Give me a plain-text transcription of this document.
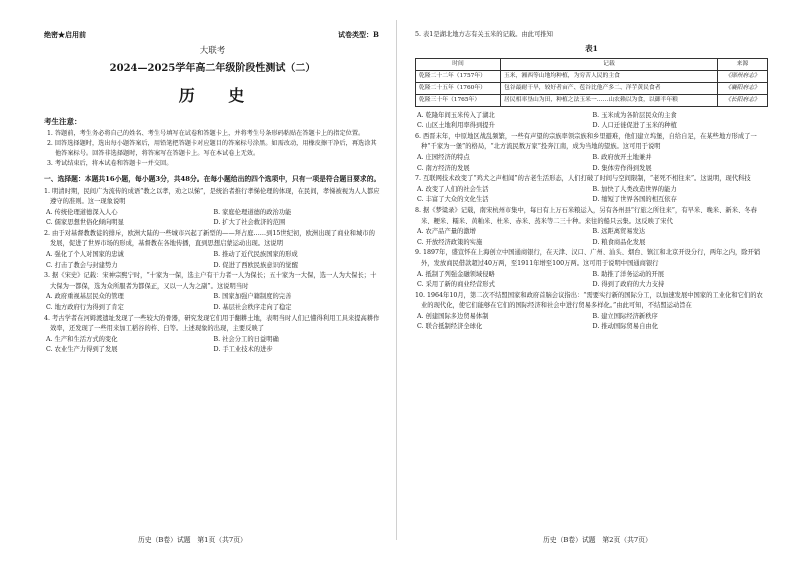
绝密★启用前	试卷类型：B
大联考
2024—2025学年高二年级阶段性测试（二）
历 史
考生注意：
1. 答题前，考生务必将自己的姓名、考生号填写在试卷和答题卡上，并将考生号条形码粘贴在答题卡上的指定位置。
2. 回答选择题时，选出每小题答案后，用铅笔把答题卡对应题目的答案标号涂黑。如需改动，用橡皮擦干净后，再选涂其他答案标号。回答非选择题时，将答案写在答题卡上。写在本试卷上无效。
3. 考试结束后，将本试卷和答题卡一并交回。
一、选择题：本题共16小题，每小题3分，共48分。在每小题给出的四个选项中，只有一项是符合题目要求的。
1. 明清时期，民间广为流传的成语“教之以孝，劝之以悌”，是统治者推行孝悌伦理的体现，在民间，孝悌被视为人人都应遵守的准则。这一现象说明
A. 传统伦理道德深入人心	B. 家庭伦理道德的政治功能
C. 儒家思想世俗化倾向明显	D. 扩大了社会救济的范围
2. 由于对基督教教徒的排斥，欧洲大陆的一些城市兴起了新型的——拜占庭……到15世纪初，欧洲出现了商业和城市的发展，促进了世界市场的形成，基督教在各地传播，直到思想启蒙运动出现。这说明
A. 强化了个人对国家的忠诚	B. 推动了近代民族国家的形成
C. 打击了教会与封建势力	D. 促进了西欧民族意识的觉醒
3. 据《宋史》记载：宋神宗熙宁时，“十家为一保，选主户有干力者一人为保长；五十家为一大保，选一人为大保长；十大保为一都保，选为众所服者为都保正，又以一人为之副”。这说明当时
A. 政府重视基层民众的管理	B. 国家加强户籍制度的完善
C. 地方政府行为得到了肯定	D. 基层社会秩序走向了稳定
4. 考古学者在河姆渡遗址发现了一些较大的骨器，研究发现它们用于翻耕土地，表明当时人们已懂得利用工具来提高耕作效率，还发现了一些用来加工稻谷的杵、臼等。上述现象的出现，主要反映了
A. 生产和生活方式的变化	B. 社会分工的日益明确
C. 农业生产力得到了发展	D. 手工业技术的进步
历史（B卷）试题　第1页（共7页）
5. 表1是湖北地方志有关玉米的记载。由此可推知
表1
时间	记载	来源
乾隆二十二年（1757年）	玉米，湘西等山地均种植，为穷苦人民的主食	《郧州府志》
乾隆二十五年（1760年）	包谷最耐干旱，较好者亩产、苞谷比他产多二、洋芋黄民食者	《襄阳府志》
乾隆三十年（1765年）	居民相率垦山为田，种植之法玉米一……山农赖以为食，以御半年粮	《长阳府志》
A. 乾隆年间玉米传入了湖北	B. 玉米成为各阶层民众的主食
C. 山区土地利用率得到提升	D. 人口迁徙促进了玉米的种植
6. 西晋末年，中原地区战乱频繁，一些有声望的宗族率领宗族和乡里避难，他们建立坞堡，自给自足，在某些地方形成了一种“千家为一堡”的格局，“北方流民数万家”投奔江南，成为当地的望族。这可用于说明
A. 庄园经济的特点	B. 政府放开土地兼并
C. 南方经济的发展	D. 集体劳作得到发展
7. 互联网技术改变了“鸡犬之声相闻”的古老生活形态，人们打破了时间与空间限制，“老死不相往来”。这说明，现代科技
A. 改变了人们的社会生活	B. 加快了人类改造世界的能力
C. 丰富了大众的文化生活	D. 缩短了世界各国的相互依存
8. 据《梦粱录》记载，南宋杭州市集中，每日有上万石米粮运入，另有各州县“行旅之所往来”，有早米、晚米、新米、冬舂米、粳米、糯米、黄籼米、杜米、赤米、蒸米等二三十种。来往的船只云集。这反映了宋代
A. 农产品产量的激增	B. 远距离贸易发达
C. 开放经济政策的实施	D. 粮食商品化发展
9. 1897年，盛宣怀在上海创立中国通商银行，在天津、汉口、广州、汕头、烟台、镇江和北京开设分行，两年之内，除开销外，发放商民借款超过40万两，至1911年增至100万两。这可用于说明中国通商银行
A. 抵制了列强金融领域侵略	B. 助推了洋务运动的开展
C. 采用了新的商业经营形式	D. 得到了政府的大力支持
10. 1964年10月，第二次不结盟国家和政府首脑会议指出：“需要实行新的国际分工，以加速发展中国家的工业化和它们的农业的现代化，使它们能够在它们的国际经济和社会中进行贸易多样化。”由此可知，不结盟运动旨在
A. 创建国际多边贸易体制	B. 建立国际经济新秩序
C. 联合抵制经济全球化	D. 推动国际贸易自由化
历史（B卷）试题　第2页（共7页）
